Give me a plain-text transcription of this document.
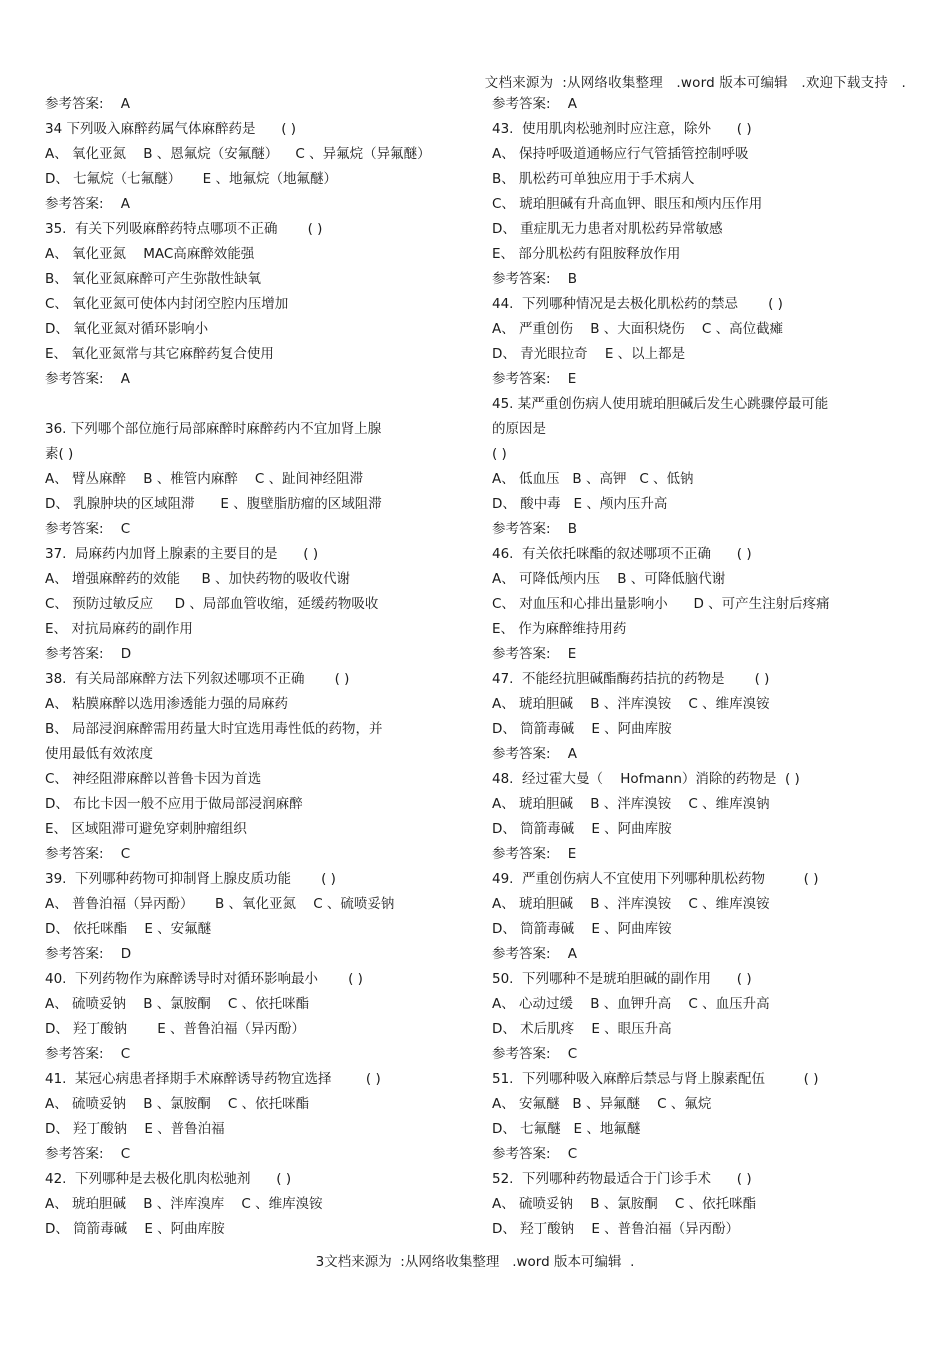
文档来源为  :从网络收集整理   .word 版本可编辑   .欢迎下载支持   .
参考答案:    A
34 下列吸入麻醉药属气体麻醉药是      ( )
A、 氧化亚氮    B 、恩氟烷（安氟醚）    C 、异氟烷（异氟醚）
D、 七氟烷（七氟醚）     E 、地氟烷（地氟醚）
参考答案:    A
35.  有关下列吸麻醉药特点哪项不正确       ( )
A、 氧化亚氮    MAC高麻醉效能强
B、 氧化亚氮麻醉可产生弥散性缺氧
C、 氧化亚氮可使体内封闭空腔内压增加
D、 氧化亚氮对循环影响小
E、 氧化亚氮常与其它麻醉药复合使用
参考答案:    A
36. 下列哪个部位施行局部麻醉时麻醉药内不宜加肾上腺
素( )
A、 臂丛麻醉    B 、椎管内麻醉    C 、趾间神经阻滞
D、 乳腺肿块的区域阻滞      E 、腹壁脂肪瘤的区域阻滞
参考答案:    C
37.  局麻药内加肾上腺素的主要目的是      ( )
A、 增强麻醉药的效能     B 、加快药物的吸收代谢
C、 预防过敏反应     D 、局部血管收缩，延缓药物吸收
E、 对抗局麻药的副作用
参考答案:    D
38.  有关局部麻醉方法下列叙述哪项不正确       ( )
A、 粘膜麻醉以选用渗透能力强的局麻药
B、 局部浸润麻醉需用药量大时宜选用毒性低的药物，并
使用最低有效浓度
C、 神经阻滞麻醉以普鲁卡因为首选
D、 布比卡因一般不应用于做局部浸润麻醉
E、 区域阻滞可避免穿刺肿瘤组织
参考答案:    C
39.  下列哪种药物可抑制肾上腺皮质功能       ( )
A、 普鲁泊福（异丙酚）     B 、氧化亚氮    C 、硫喷妥钠
D、 依托咪酯    E 、安氟醚
参考答案:    D
40.  下列药物作为麻醉诱导时对循环影响最小       ( )
A、 硫喷妥钠    B 、氯胺酮    C 、依托咪酯
D、 羟丁酸钠       E 、普鲁泊福（异丙酚）
参考答案:    C
41.  某冠心病患者择期手术麻醉诱导药物宜选择        ( )
A、 硫喷妥钠    B 、氯胺酮    C 、依托咪酯
D、 羟丁酸钠    E 、普鲁泊福
参考答案:    C
42.  下列哪种是去极化肌肉松驰剂      ( )
A、 琥珀胆碱    B 、泮库溴库    C 、维库溴铵
D、 筒箭毒碱    E 、阿曲库胺
参考答案:    A
43.  使用肌肉松驰剂时应注意，除外      ( )
A、 保持呼吸道通畅应行气管插管控制呼吸
B、 肌松药可单独应用于手术病人
C、 琥珀胆碱有升高血钾、眼压和颅内压作用
D、 重症肌无力患者对肌松药异常敏感
E、 部分肌松药有阻胺释放作用
参考答案:    B
44.  下列哪种情况是去极化肌松药的禁忌       ( )
A、 严重创伤    B 、大面积烧伤    C 、高位截瘫
D、 青光眼拉奇    E 、以上都是
参考答案:    E
45. 某严重创伤病人使用琥珀胆碱后发生心跳骤停最可能
的原因是
( )
A、 低血压   B 、高钾   C 、低钠
D、 酸中毒   E 、颅内压升高
参考答案:    B
46.  有关依托咪酯的叙述哪项不正确      ( )
A、 可降低颅内压    B 、可降低脑代谢
C、 对血压和心排出量影响小      D 、可产生注射后疼痛
E、 作为麻醉维持用药
参考答案:    E
47.  不能经抗胆碱酯酶药拮抗的药物是       ( )
A、 琥珀胆碱    B 、泮库溴铵    C 、维库溴铵
D、 筒箭毒碱    E 、阿曲库胺
参考答案:    A
48.  经过霍大曼（    Hofmann）消除的药物是  ( )
A、 琥珀胆碱    B 、泮库溴铵    C 、维库溴钠
D、 筒箭毒碱    E 、阿曲库胺
参考答案:    E
49.  严重创伤病人不宜使用下列哪种肌松药物         ( )
A、 琥珀胆碱    B 、泮库溴铵    C 、维库溴铵
D、 筒箭毒碱    E 、阿曲库铵
参考答案:    A
50.  下列哪种不是琥珀胆碱的副作用      ( )
A、 心动过缓    B 、血钾升高    C 、血压升高
D、 术后肌疼    E 、眼压升高
参考答案:    C
51.  下列哪种吸入麻醉后禁忌与肾上腺素配伍         ( )
A、 安氟醚   B 、异氟醚    C 、氟烷
D、 七氟醚   E 、地氟醚
参考答案:    C
52.  下列哪种药物最适合于门诊手术      ( )
A、 硫喷妥钠    B 、氯胺酮    C 、依托咪酯
D、 羟丁酸钠    E 、普鲁泊福（异丙酚）
3文档来源为  :从网络收集整理   .word 版本可编辑  .
